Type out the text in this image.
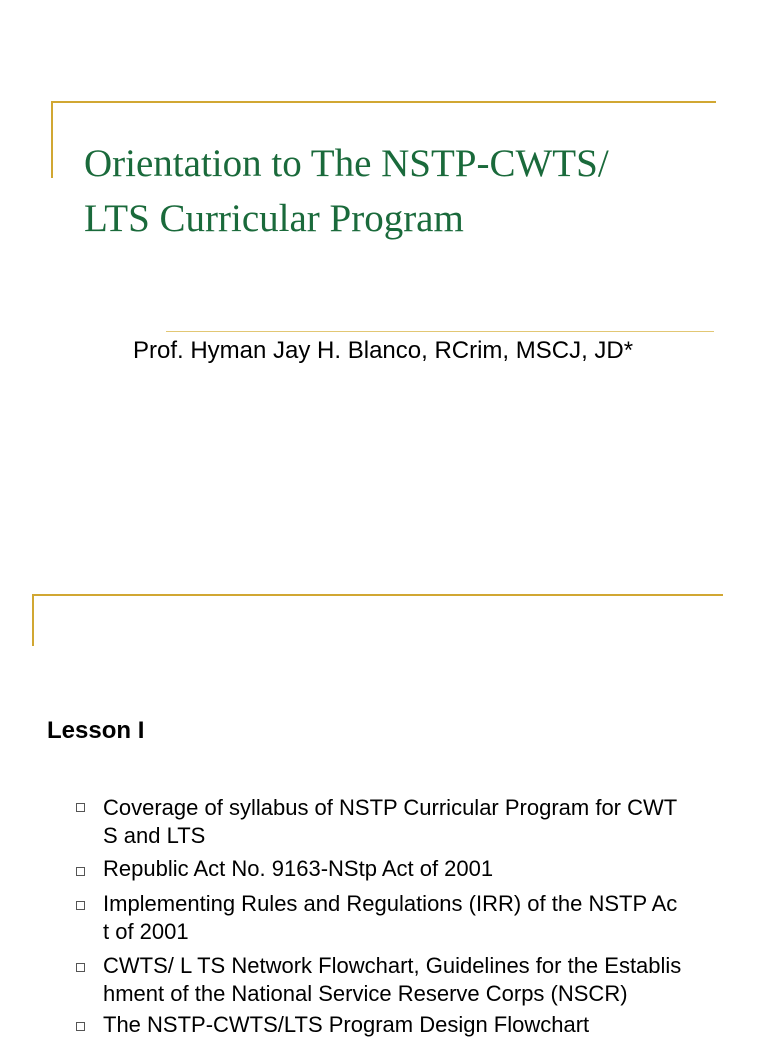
Orientation to The NSTP-CWTS/
LTS Curricular Program
Prof. Hyman Jay H. Blanco, RCrim, MSCJ, JD*
Lesson I
Coverage of syllabus of NSTP Curricular Program for CWT
S and LTS
Republic Act No. 9163-NStp Act of 2001
Implementing Rules and Regulations (IRR) of the NSTP Ac
t of 2001
CWTS/ L TS Network Flowchart, Guidelines for the Establis
hment of the National Service Reserve Corps (NSCR)
The NSTP-CWTS/LTS Program Design Flowchart
